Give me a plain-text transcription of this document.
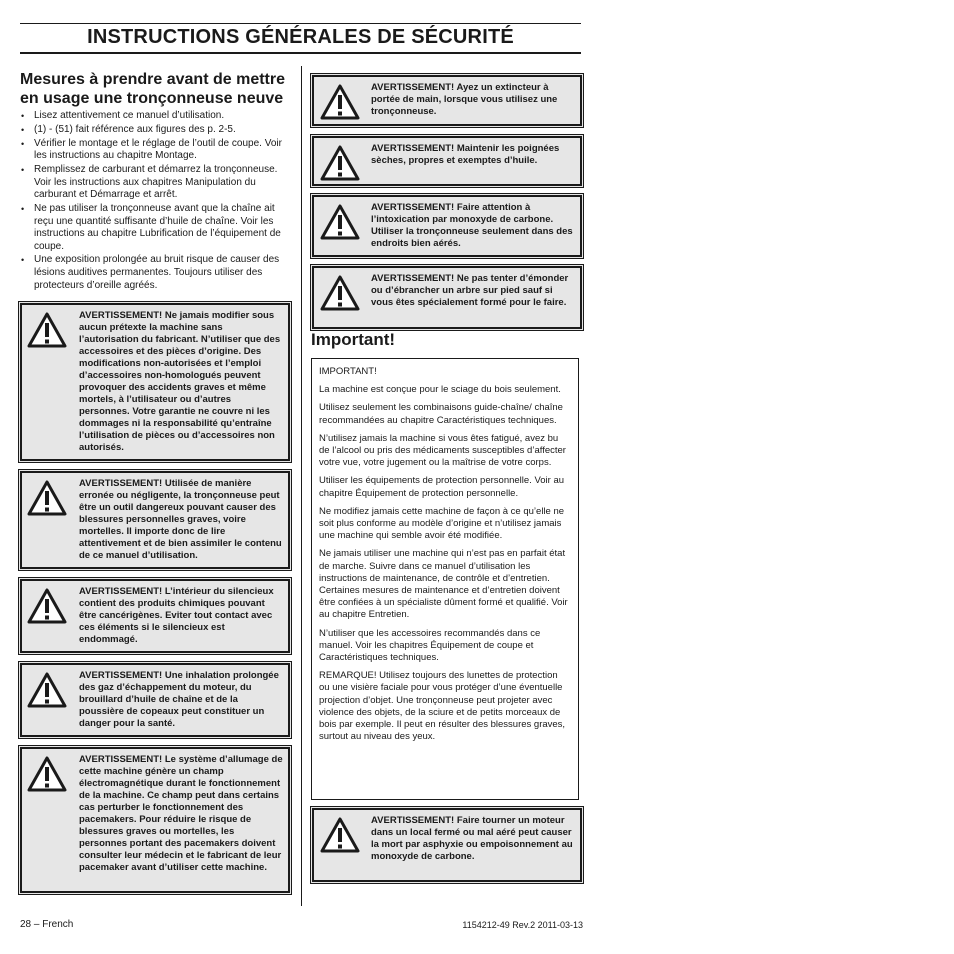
INSTRUCTIONS GÉNÉRALES DE SÉCURITÉ
Mesures à prendre avant de mettre en usage une tronçonneuse neuve
• Lisez attentivement ce manuel d’utilisation.
• (1) - (51) fait référence aux figures des p. 2-5.
• Vérifier le montage et le réglage de l’outil de coupe. Voir les instructions au chapitre Montage.
• Remplissez de carburant et démarrez la tronçonneuse. Voir les instructions aux chapitres Manipulation du carburant et Démarrage et arrêt.
• Ne pas utiliser la tronçonneuse avant que la chaîne ait reçu une quantité suffisante d’huile de chaîne. Voir les instructions au chapitre Lubrification de l’équipement de coupe.
• Une exposition prolongée au bruit risque de causer des lésions auditives permanentes. Toujours utiliser des protecteurs d’oreille agréés.
AVERTISSEMENT! Ne jamais modifier sous aucun prétexte la machine sans l’autorisation du fabricant. N’utiliser que des accessoires et des pièces d’origine. Des modifications non-autorisées et l’emploi d’accessoires non-homologués peuvent provoquer des accidents graves et même mortels, à l’utilisateur ou d’autres personnes. Votre garantie ne couvre ni les dommages ni la responsabilité qu’entraîne l’utilisation de pièces ou d’accessoires non autorisés.
AVERTISSEMENT! Utilisée de manière erronée ou négligente, la tronçonneuse peut être un outil dangereux pouvant causer des blessures personnelles graves, voire mortelles. Il importe donc de lire attentivement et de bien assimiler le contenu de ce manuel d’utilisation.
AVERTISSEMENT! L’intérieur du silencieux contient des produits chimiques pouvant être cancérigènes. Eviter tout contact avec ces éléments si le silencieux est endommagé.
AVERTISSEMENT! Une inhalation prolongée des gaz d’échappement du moteur, du brouillard d’huile de chaîne et de la poussière de copeaux peut constituer un danger pour la santé.
AVERTISSEMENT! Le système d’allumage de cette machine génère un champ électromagnétique durant le fonctionnement de la machine. Ce champ peut dans certains cas perturber le fonctionnement des pacemakers. Pour réduire le risque de blessures graves ou mortelles, les personnes portant des pacemakers doivent consulter leur médecin et le fabricant de leur pacemaker avant d’utiliser cette machine.
AVERTISSEMENT! Ayez un extincteur à portée de main, lorsque vous utilisez une tronçonneuse.
AVERTISSEMENT! Maintenir les poignées sèches, propres et exemptes d’huile.
AVERTISSEMENT! Faire attention à l’intoxication par monoxyde de carbone. Utiliser la tronçonneuse seulement dans des endroits bien aérés.
AVERTISSEMENT! Ne pas tenter d’émonder ou d’ébrancher un arbre sur pied sauf si vous êtes spécialement formé pour le faire.
Important!

IMPORTANT!

La machine est conçue pour le sciage du bois seulement.

Utilisez seulement les combinaisons guide-chaîne/ chaîne recommandées au chapitre Caractéristiques techniques.

N’utilisez jamais la machine si vous êtes fatigué, avez bu de l’alcool ou pris des médicaments susceptibles d’affecter votre vue, votre jugement ou la maîtrise de votre corps.

Utiliser les équipements de protection personnelle. Voir au chapitre Équipement de protection personnelle.

Ne modifiez jamais cette machine de façon à ce qu’elle ne soit plus conforme au modèle d’origine et n’utilisez jamais une machine qui semble avoir été modifiée.

Ne jamais utiliser une machine qui n’est pas en parfait état de marche. Suivre dans ce manuel d’utilisation les instructions de maintenance, de contrôle et d’entretien. Certaines mesures de maintenance et d’entretien doivent être confiées à un spécialiste dûment formé et qualifié. Voir au chapitre Entretien.

N’utiliser que les accessoires recommandés dans ce manuel. Voir les chapitres Équipement de coupe et Caractéristiques techniques.

REMARQUE! Utilisez toujours des lunettes de protection ou une visière faciale pour vous protéger d’une éventuelle projection d’objet. Une tronçonneuse peut projeter avec violence des objets, de la sciure et de petits morceaux de bois par exemple. Il peut en résulter des blessures graves, surtout au niveau des yeux.

AVERTISSEMENT! Faire tourner un moteur dans un local fermé ou mal aéré peut causer la mort par asphyxie ou empoisonnement au monoxyde de carbone.
28 – French	1154212-49 Rev.2 2011-03-13
